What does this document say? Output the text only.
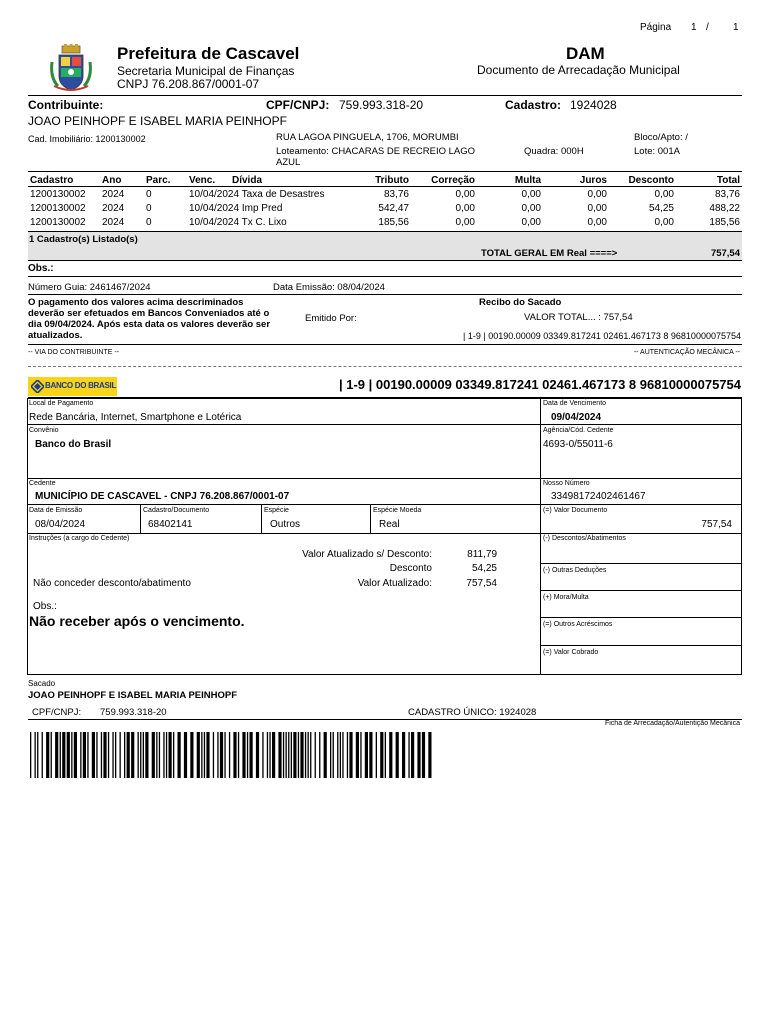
Página 1 / 1
Prefeitura de Cascavel
Secretaria Municipal de Finanças
CNPJ 76.208.867/0001-07
DAM
Documento de Arrecadação Municipal
Contribuinte:	CPF/CNPJ: 759.993.318-20	Cadastro: 1924028
JOAO PEINHOPF E ISABEL MARIA PEINHOPF
Cad. Imobiliário: 1200130002	RUA LAGOA PINGUELA, 1706, MORUMBI	Bloco/Apto: /
Loteamento: CHACARAS DE RECREIO LAGO	Quadra: 000H	Lote: 001A
AZUL
Cadastro	Ano	Parc.	Venc.	Dívida	Tributo	Correção	Multa	Juros	Desconto	Total
1200130002	2024	0	10/04/2024 Taxa de Desastres		83,76	0,00	0,00	0,00	0,00	83,76
1200130002	2024	0	10/04/2024 Imp Pred		542,47	0,00	0,00	0,00	54,25	488,22
1200130002	2024	0	10/04/2024 Tx C. Lixo		185,56	0,00	0,00	0,00	0,00	185,56
1 Cadastro(s) Listado(s)
TOTAL GERAL EM Real ====>	757,54
Obs.:
Número Guia: 2461467/2024	Data Emissão: 08/04/2024
O pagamento dos valores acima descriminados
deverão ser efetuados em Bancos Conveniados até o
dia 09/04/2024. Após esta data os valores deverão ser
atualizados.
Emitido Por:
Recibo do Sacado
VALOR TOTAL... : 757,54
| 1-9 | 00190.00009 03349.817241 02461.467173 8 96810000075754
-- VIA DO CONTRIBUINTE --	-- AUTENTICAÇÃO MECÂNICA --
BANCO DO BRASIL	| 1-9 | 00190.00009 03349.817241 02461.467173 8 96810000075754
Local de Pagamento
Rede Bancária, Internet, Smartphone e Lotérica
Data de Vencimento
09/04/2024
Convênio
Banco do Brasil
Agência/Cód. Cedente
4693-0/55011-6
Cedente
MUNICÍPIO DE CASCAVEL - CNPJ 76.208.867/0001-07
Nosso Número
33498172402461467
Data de Emissão
08/04/2024
Cadastro/Documento
68402141
Espécie
Outros
Espécie Moeda
Real
(=) Valor Documento
757,54
Instruções (a cargo do Cedente)
Valor Atualizado s/ Desconto:	811,79
Desconto	54,25
Não conceder desconto/abatimento	Valor Atualizado:	757,54
Obs.:
Não receber após o vencimento.
(-) Descontos/Abatimentos
(-) Outras Deduções
(+) Mora/Multa
(=) Outros Acréscimos
(=) Valor Cobrado
Sacado
JOAO PEINHOPF E ISABEL MARIA PEINHOPF
CPF/CNPJ: 759.993.318-20	CADASTRO ÚNICO: 1924028
Ficha de Arrecadação/Autentição Mecânica
